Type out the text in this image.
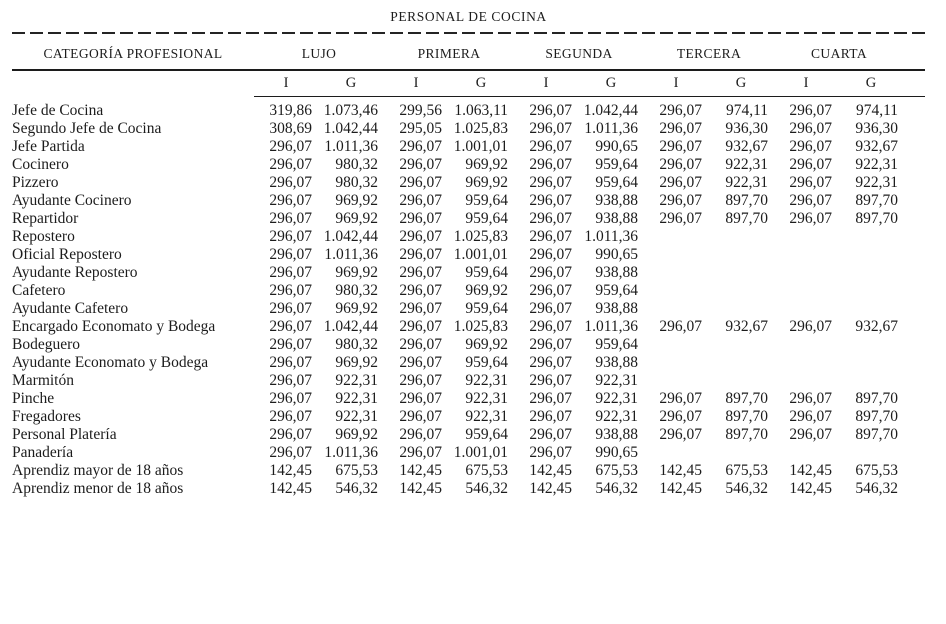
PERSONAL DE COCINA
CATEGORÍA PROFESIONAL	LUJO		PRIMERA		SEGUNDA		TERCERA		CUARTA		
	I	G	I	G	I	G	I	G	I	G	
Jefe de Cocina	319,86	1.073,46	299,56	1.063,11	296,07	1.042,44	296,07	974,11	296,07	974,11	
Segundo Jefe de Cocina	308,69	1.042,44	295,05	1.025,83	296,07	1.011,36	296,07	936,30	296,07	936,30	
Jefe Partida	296,07	1.011,36	296,07	1.001,01	296,07	990,65	296,07	932,67	296,07	932,67	
Cocinero	296,07	980,32	296,07	969,92	296,07	959,64	296,07	922,31	296,07	922,31	
Pizzero	296,07	980,32	296,07	969,92	296,07	959,64	296,07	922,31	296,07	922,31	
Ayudante Cocinero	296,07	969,92	296,07	959,64	296,07	938,88	296,07	897,70	296,07	897,70	
Repartidor	296,07	969,92	296,07	959,64	296,07	938,88	296,07	897,70	296,07	897,70	
Repostero	296,07	1.042,44	296,07	1.025,83	296,07	1.011,36					
Oficial Repostero	296,07	1.011,36	296,07	1.001,01	296,07	990,65					
Ayudante Repostero	296,07	969,92	296,07	959,64	296,07	938,88					
Cafetero	296,07	980,32	296,07	969,92	296,07	959,64					
Ayudante Cafetero	296,07	969,92	296,07	959,64	296,07	938,88					
Encargado Economato y Bodega	296,07	1.042,44	296,07	1.025,83	296,07	1.011,36	296,07	932,67	296,07	932,67	
Bodeguero	296,07	980,32	296,07	969,92	296,07	959,64					
Ayudante Economato y Bodega	296,07	969,92	296,07	959,64	296,07	938,88					
Marmitón	296,07	922,31	296,07	922,31	296,07	922,31					
Pinche	296,07	922,31	296,07	922,31	296,07	922,31	296,07	897,70	296,07	897,70	
Fregadores	296,07	922,31	296,07	922,31	296,07	922,31	296,07	897,70	296,07	897,70	
Personal Platería	296,07	969,92	296,07	959,64	296,07	938,88	296,07	897,70	296,07	897,70	
Panadería	296,07	1.011,36	296,07	1.001,01	296,07	990,65					
Aprendiz mayor de 18 años	142,45	675,53	142,45	675,53	142,45	675,53	142,45	675,53	142,45	675,53	
Aprendiz menor de 18 años	142,45	546,32	142,45	546,32	142,45	546,32	142,45	546,32	142,45	546,32	
